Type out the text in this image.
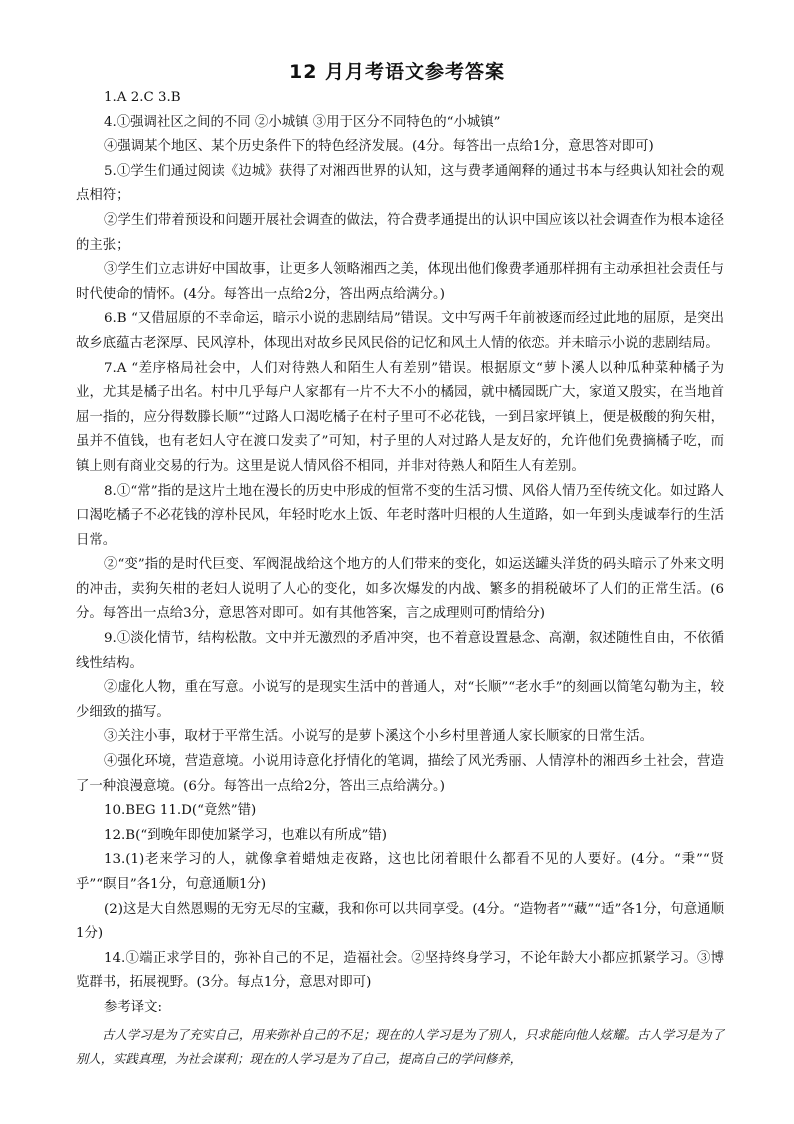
12 月月考语文参考答案

1.A 2.C 3.B

4.①强调社区之间的不同 ②小城镇 ③用于区分不同特色的“小城镇”

④强调某个地区、某个历史条件下的特色经济发展。(4分。每答出一点给1分，意思答对即可)

5.①学生们通过阅读《边城》获得了对湘西世界的认知，这与费孝通阐释的通过书本与经典认知社会的观点相符；

②学生们带着预设和问题开展社会调查的做法，符合费孝通提出的认识中国应该以社会调查作为根本途径的主张；

③学生们立志讲好中国故事，让更多人领略湘西之美，体现出他们像费孝通那样拥有主动承担社会责任与时代使命的情怀。(4分。每答出一点给2分，答出两点给满分。)

6.B “又借屈原的不幸命运，暗示小说的悲剧结局”错误。文中写两千年前被逐而经过此地的屈原，是突出故乡底蕴古老深厚、民风淳朴，体现出对故乡民风民俗的记忆和风土人情的依恋。并未暗示小说的悲剧结局。

7.A “差序格局社会中，人们对待熟人和陌生人有差别”错误。根据原文“萝卜溪人以种瓜种菜种橘子为业，尤其是橘子出名。村中几乎每户人家都有一片不大不小的橘园，就中橘园既广大，家道又殷实，在当地首屈一指的，应分得数滕长顺”“过路人口渴吃橘子在村子里可不必花钱，一到吕家坪镇上，便是极酸的狗矢柑，虽并不值钱，也有老妇人守在渡口发卖了”可知，村子里的人对过路人是友好的，允许他们免费摘橘子吃，而镇上则有商业交易的行为。这里是说人情风俗不相同，并非对待熟人和陌生人有差别。

8.①“常”指的是这片土地在漫长的历史中形成的恒常不变的生活习惯、风俗人情乃至传统文化。如过路人口渴吃橘子不必花钱的淳朴民风，年轻时吃水上饭、年老时落叶归根的人生道路，如一年到头虔诚奉行的生活日常。

②“变”指的是时代巨变、军阀混战给这个地方的人们带来的变化，如运送罐头洋货的码头暗示了外来文明的冲击，卖狗矢柑的老妇人说明了人心的变化，如多次爆发的内战、繁多的捐税破坏了人们的正常生活。(6分。每答出一点给3分，意思答对即可。如有其他答案，言之成理则可酌情给分)

9.①淡化情节，结构松散。文中并无激烈的矛盾冲突，也不着意设置悬念、高潮，叙述随性自由，不依循线性结构。

②虚化人物，重在写意。小说写的是现实生活中的普通人，对“长顺”“老水手”的刻画以简笔勾勒为主，较少细致的描写。

③关注小事，取材于平常生活。小说写的是萝卜溪这个小乡村里普通人家长顺家的日常生活。

④强化环境，营造意境。小说用诗意化抒情化的笔调，描绘了风光秀丽、人情淳朴的湘西乡土社会，营造了一种浪漫意境。(6分。每答出一点给2分，答出三点给满分。)

10.BEG 11.D(“竟然”错)

12.B(“到晚年即使加紧学习，也难以有所成”错)

13.(1)老来学习的人，就像拿着蜡烛走夜路，这也比闭着眼什么都看不见的人要好。(4分。“秉”“贤乎”“瞑目”各1分，句意通顺1分)

(2)这是大自然恩赐的无穷无尽的宝藏，我和你可以共同享受。(4分。“造物者”“藏”“适”各1分，句意通顺1分)

14.①端正求学目的，弥补自己的不足，造福社会。②坚持终身学习，不论年龄大小都应抓紧学习。③博览群书，拓展视野。(3分。每点1分，意思对即可)

参考译文:

古人学习是为了充实自己，用来弥补自己的不足；现在的人学习是为了别人，只求能向他人炫耀。古人学习是为了别人，实践真理，为社会谋利；现在的人学习是为了自己，提高自己的学问修养，
